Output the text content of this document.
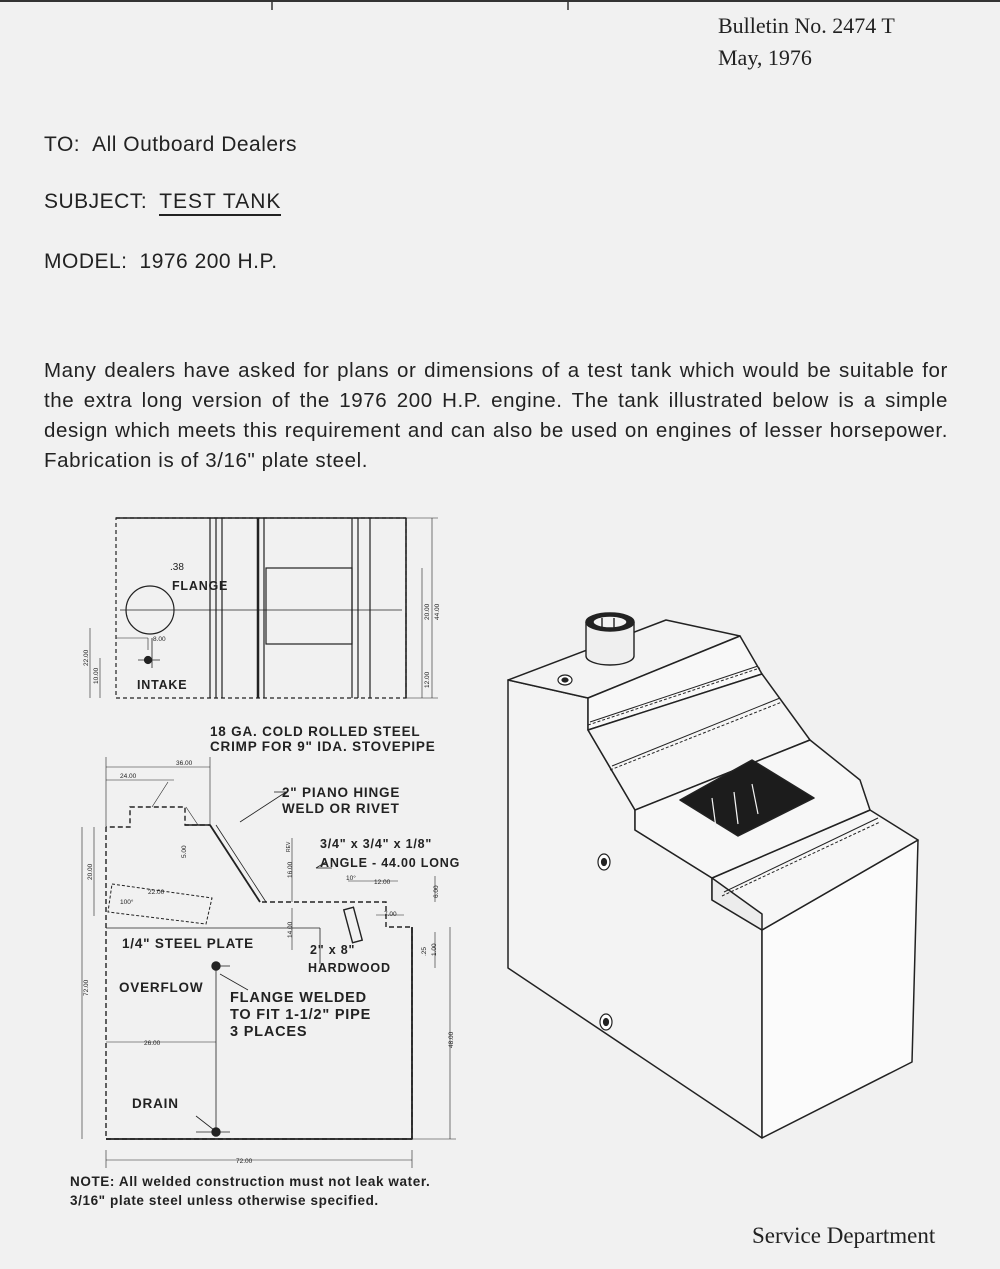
Bulletin No. 2474 T
May, 1976
TO: All Outboard Dealers
SUBJECT: TEST TANK
MODEL: 1976 200 H.P.
Many dealers have asked for plans or dimensions of a test tank which would be suitable for the extra long version of the 1976 200 H.P. engine. The tank illustrated below is a simple design which meets this requirement and can also be used on engines of lesser horsepower. Fabrication is of 3/16" plate steel.
.38
FLANGE
INTAKE
8.00
22.00
10.00
20.00 44.00
12.00
36.00
24.00
5.00
20.00
22.00
100°
16.00
REV
14.00
12.00
6.00
7.00
10°
.25 1.00
72.00
26.00	48.00
72.00
18 GA. COLD ROLLED STEEL
CRIMP FOR 9" IDA. STOVEPIPE
2" PIANO HINGE
WELD OR RIVET
3/4" x 3/4" x 1/8"
ANGLE - 44.00 LONG
1/4" STEEL PLATE	2" x 8"
HARDWOOD
OVERFLOW
FLANGE WELDED
TO FIT 1-1/2" PIPE
3 PLACES
DRAIN
NOTE: All welded construction must not leak water.
3/16" plate steel unless otherwise specified.
Service Department
